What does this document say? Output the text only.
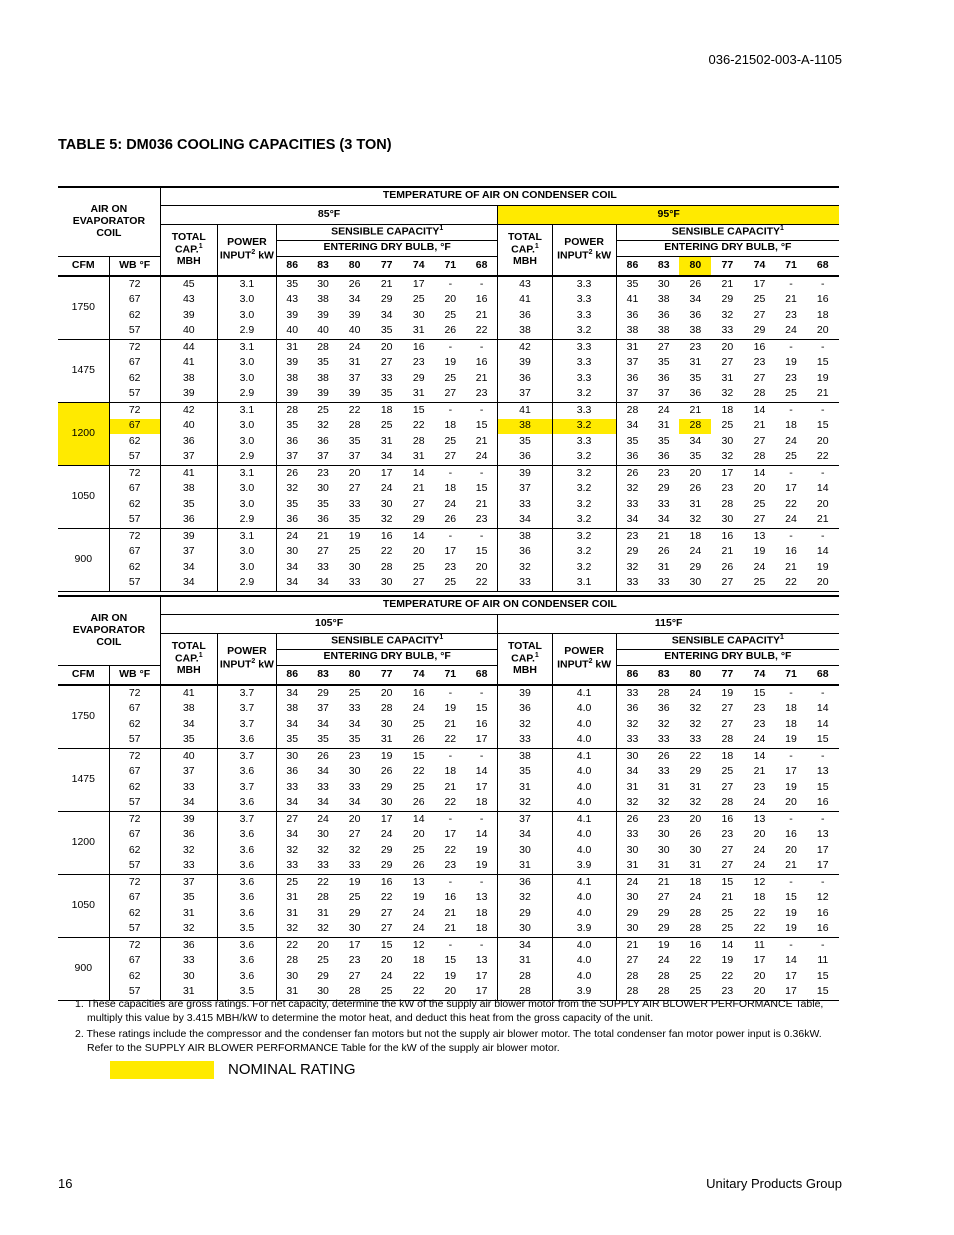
036-21502-003-A-1105
TABLE 5: DM036 COOLING CAPACITIES (3 TON)
AIR ON
EVAPORATOR
COIL		TEMPERATURE OF AIR ON CONDENSER COIL																	
		85°F									95°F								
		TOTAL
CAP.$^1$
MBH	POWER
INPUT$^2$ kW	SENSIBLE CAPACITY$^1$							TOTAL
CAP.$^1$
MBH	POWER
INPUT$^2$ kW	SENSIBLE CAPACITY$^1$
				ENTERING DRY BULB, °F									ENTERING DRY BULB, °F						
CFM	WB °F			86	83	80	77	74	71	68			86	83	80	77	74	71	68
1750	72	45	3.1	35	30	26	21	17	-	-	43	3.3	35	30	26	21	17	-	-
	67	43	3.0	43	38	34	29	25	20	16	41	3.3	41	38	34	29	25	21	16
	62	39	3.0	39	39	39	34	30	25	21	36	3.3	36	36	36	32	27	23	18
	57	40	2.9	40	40	40	35	31	26	22	38	3.2	38	38	38	33	29	24	20
1475	72	44	3.1	31	28	24	20	16	-	-	42	3.3	31	27	23	20	16	-	-
	67	41	3.0	39	35	31	27	23	19	16	39	3.3	37	35	31	27	23	19	15
	62	38	3.0	38	38	37	33	29	25	21	36	3.3	36	36	35	31	27	23	19
	57	39	2.9	39	39	39	35	31	27	23	37	3.2	37	37	36	32	28	25	21
1200	72	42	3.1	28	25	22	18	15	-	-	41	3.3	28	24	21	18	14	-	-
	67	40	3.0	35	32	28	25	22	18	15	38	3.2	34	31	28	25	21	18	15
	62	36	3.0	36	36	35	31	28	25	21	35	3.3	35	35	34	30	27	24	20
	57	37	2.9	37	37	37	34	31	27	24	36	3.2	36	36	35	32	28	25	22
1050	72	41	3.1	26	23	20	17	14	-	-	39	3.2	26	23	20	17	14	-	-
	67	38	3.0	32	30	27	24	21	18	15	37	3.2	32	29	26	23	20	17	14
	62	35	3.0	35	35	33	30	27	24	21	33	3.2	33	33	31	28	25	22	20
	57	36	2.9	36	36	35	32	29	26	23	34	3.2	34	34	32	30	27	24	21
900	72	39	3.1	24	21	19	16	14	-	-	38	3.2	23	21	18	16	13	-	-
	67	37	3.0	30	27	25	22	20	17	15	36	3.2	29	26	24	21	19	16	14
	62	34	3.0	34	33	30	28	25	23	20	32	3.2	32	31	29	26	24	21	19
	57	34	2.9	34	34	33	30	27	25	22	33	3.1	33	33	30	27	25	22	20
AIR ON
EVAPORATOR
COIL		TEMPERATURE OF AIR ON CONDENSER COIL																	
		105°F									115°F								
		TOTAL
CAP.$^1$
MBH	POWER
INPUT$^2$ kW	SENSIBLE CAPACITY$^1$							TOTAL
CAP.$^1$
MBH	POWER
INPUT$^2$ kW	SENSIBLE CAPACITY$^1$
				ENTERING DRY BULB, °F									ENTERING DRY BULB, °F						
CFM	WB °F			86	83	80	77	74	71	68			86	83	80	77	74	71	68
1750	72	41	3.7	34	29	25	20	16	-	-	39	4.1	33	28	24	19	15	-	-
	67	38	3.7	38	37	33	28	24	19	15	36	4.0	36	36	32	27	23	18	14
	62	34	3.7	34	34	34	30	25	21	16	32	4.0	32	32	32	27	23	18	14
	57	35	3.6	35	35	35	31	26	22	17	33	4.0	33	33	33	28	24	19	15
1475	72	40	3.7	30	26	23	19	15	-	-	38	4.1	30	26	22	18	14	-	-
	67	37	3.6	36	34	30	26	22	18	14	35	4.0	34	33	29	25	21	17	13
	62	33	3.7	33	33	33	29	25	21	17	31	4.0	31	31	31	27	23	19	15
	57	34	3.6	34	34	34	30	26	22	18	32	4.0	32	32	32	28	24	20	16
1200	72	39	3.7	27	24	20	17	14	-	-	37	4.1	26	23	20	16	13	-	-
	67	36	3.6	34	30	27	24	20	17	14	34	4.0	33	30	26	23	20	16	13
	62	32	3.6	32	32	32	29	25	22	19	30	4.0	30	30	30	27	24	20	17
	57	33	3.6	33	33	33	29	26	23	19	31	3.9	31	31	31	27	24	21	17
1050	72	37	3.6	25	22	19	16	13	-	-	36	4.1	24	21	18	15	12	-	-
	67	35	3.6	31	28	25	22	19	16	13	32	4.0	30	27	24	21	18	15	12
	62	31	3.6	31	31	29	27	24	21	18	29	4.0	29	29	28	25	22	19	16
	57	32	3.5	32	32	30	27	24	21	18	30	3.9	30	29	28	25	22	19	16
900	72	36	3.6	22	20	17	15	12	-	-	34	4.0	21	19	16	14	11	-	-
	67	33	3.6	28	25	23	20	18	15	13	31	4.0	27	24	22	19	17	14	11
	62	30	3.6	30	29	27	24	22	19	17	28	4.0	28	28	25	22	20	17	15
	57	31	3.5	31	30	28	25	22	20	17	28	3.9	28	28	25	23	20	17	15

1. These capacities are gross ratings. For net capacity, determine the kW of the supply air blower motor from the SUPPLY AIR BLOWER PERFORMANCE Table, multiply this value by 3.415 MBH/kW to determine the motor heat, and deduct this heat from the gross capacity of the unit.

2. These ratings include the compressor and the condenser fan motors but not the supply air blower motor. The total condenser fan motor power input is 0.36kW. Refer to the SUPPLY AIR BLOWER PERFORMANCE Table for the kW of the supply air blower motor.

NOMINAL RATING
16	Unitary Products Group
